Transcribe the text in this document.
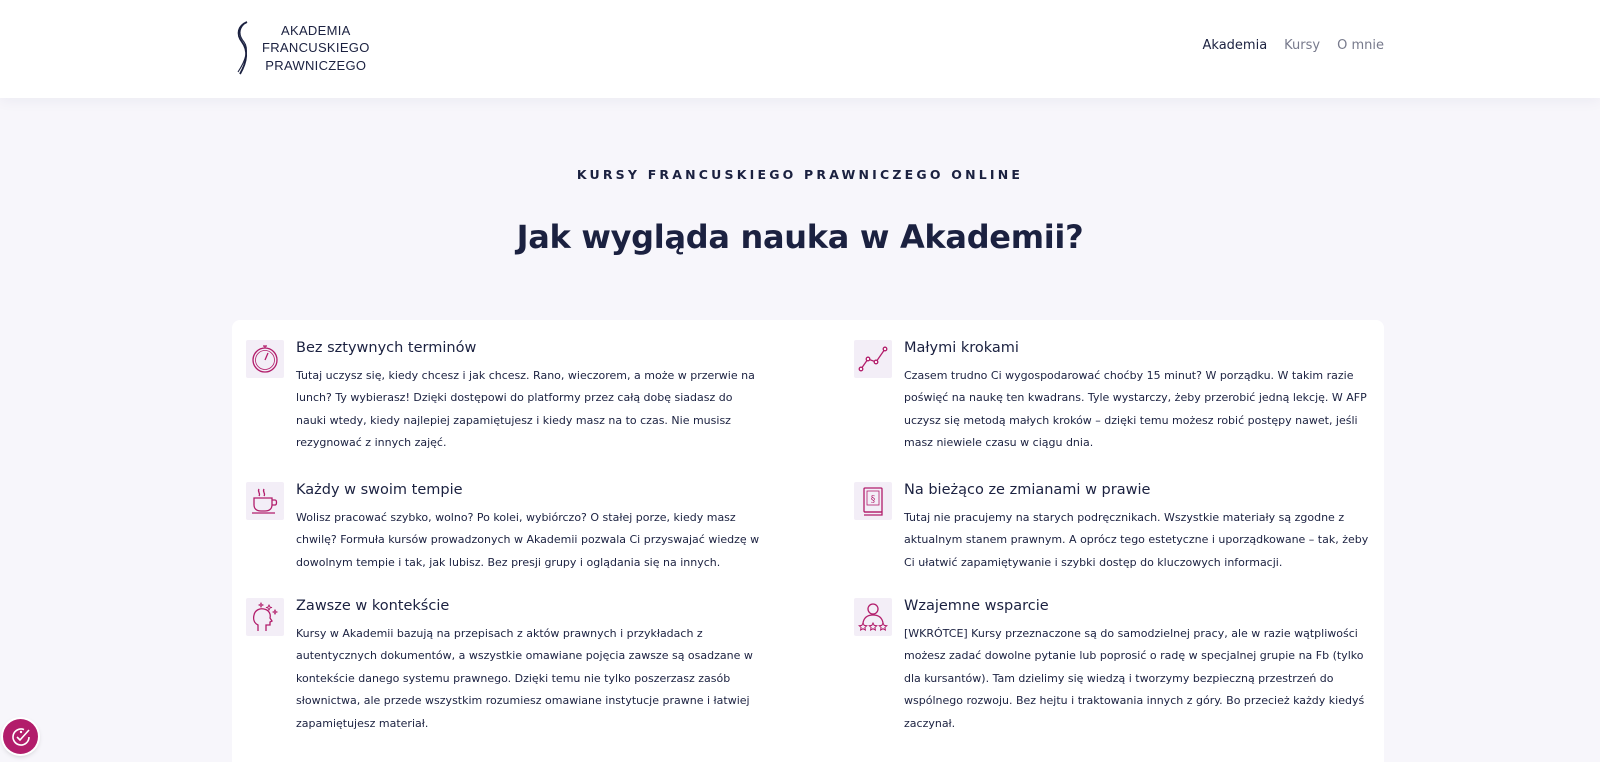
AKADEMIA
FRANCUSKIEGO
PRAWNICZEGO
Akademia Kursy O mnie
KURSY FRANCUSKIEGO PRAWNICZEGO ONLINE
Jak wygląda nauka w Akademii?
Bez sztywnych terminów

Tutaj uczysz się, kiedy chcesz i jak chcesz. Rano, wieczorem, a może w przerwie na lunch? Ty wybierasz! Dzięki dostępowi do platformy przez całą dobę siadasz do nauki wtedy, kiedy najlepiej zapamiętujesz i kiedy masz na to czas. Nie musisz rezygnować z innych zajęć.

Małymi krokami

Czasem trudno Ci wygospodarować choćby 15 minut? W porządku. W takim razie poświęć na naukę ten kwadrans. Tyle wystarczy, żeby przerobić jedną lekcję. W AFP uczysz się metodą małych kroków – dzięki temu możesz robić postępy nawet, jeśli masz niewiele czasu w ciągu dnia.

Każdy w swoim tempie

Wolisz pracować szybko, wolno? Po kolei, wybiórczo? O stałej porze, kiedy masz chwilę? Formuła kursów prowadzonych w Akademii pozwala Ci przyswajać wiedzę w dowolnym tempie i tak, jak lubisz. Bez presji grupy i oglądania się na innych.

§
Na bieżąco ze zmianami w prawie

Tutaj nie pracujemy na starych podręcznikach. Wszystkie materiały są zgodne z aktualnym stanem prawnym. A oprócz tego estetyczne i uporządkowane – tak, żeby Ci ułatwić zapamiętywanie i szybki dostęp do kluczowych informacji.

Zawsze w kontekście

Kursy w Akademii bazują na przepisach z aktów prawnych i przykładach z autentycznych dokumentów, a wszystkie omawiane pojęcia zawsze są osadzane w kontekście danego systemu prawnego. Dzięki temu nie tylko poszerzasz zasób słownictwa, ale przede wszystkim rozumiesz omawiane instytucje prawne i łatwiej zapamiętujesz materiał.

Wzajemne wsparcie

[WKRÓTCE] Kursy przeznaczone są do samodzielnej pracy, ale w razie wątpliwości możesz zadać dowolne pytanie lub poprosić o radę w specjalnej grupie na Fb (tylko dla kursantów). Tam dzielimy się wiedzą i tworzymy bezpieczną przestrzeń do wspólnego rozwoju. Bez hejtu i traktowania innych z góry. Bo przecież każdy kiedyś zaczynał.
